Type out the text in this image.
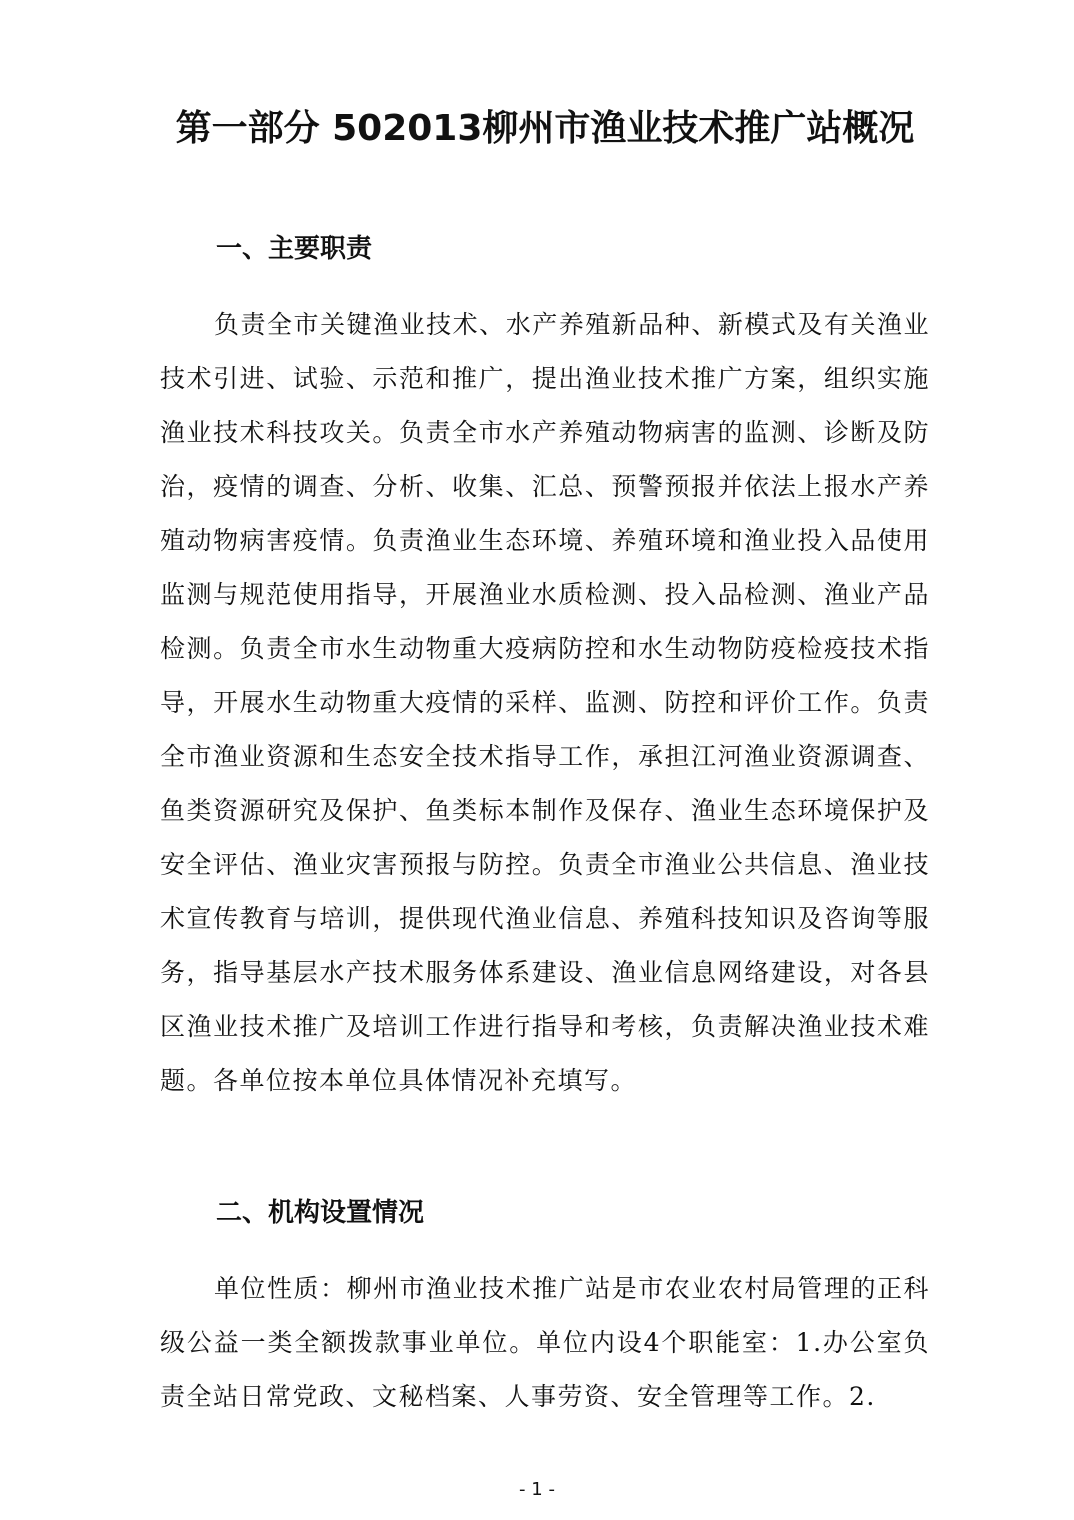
第一部分 502013柳州市渔业技术推广站概况
一、主要职责

负责全市关键渔业技术、水产养殖新品种、新模式及有关渔业技术引进、试验、示范和推广，提出渔业技术推广方案，组织实施渔业技术科技攻关。负责全市水产养殖动物病害的监测、诊断及防治，疫情的调查、分析、收集、汇总、预警预报并依法上报水产养殖动物病害疫情。负责渔业生态环境、养殖环境和渔业投入品使用监测与规范使用指导，开展渔业水质检测、投入品检测、渔业产品检测。负责全市水生动物重大疫病防控和水生动物防疫检疫技术指导，开展水生动物重大疫情的采样、监测、防控和评价工作。负责全市渔业资源和生态安全技术指导工作，承担江河渔业资源调查、鱼类资源研究及保护、鱼类标本制作及保存、渔业生态环境保护及安全评估、渔业灾害预报与防控。负责全市渔业公共信息、渔业技术宣传教育与培训，提供现代渔业信息、养殖科技知识及咨询等服务，指导基层水产技术服务体系建设、渔业信息网络建设，对各县区渔业技术推广及培训工作进行指导和考核，负责解决渔业技术难题。各单位按本单位具体情况补充填写。

二、机构设置情况

单位性质：柳州市渔业技术推广站是市农业农村局管理的正科级公益一类全额拨款事业单位。单位内设4个职能室：1.办公室负责全站日常党政、文秘档案、人事劳资、安全管理等工作。2.

- 1 -
